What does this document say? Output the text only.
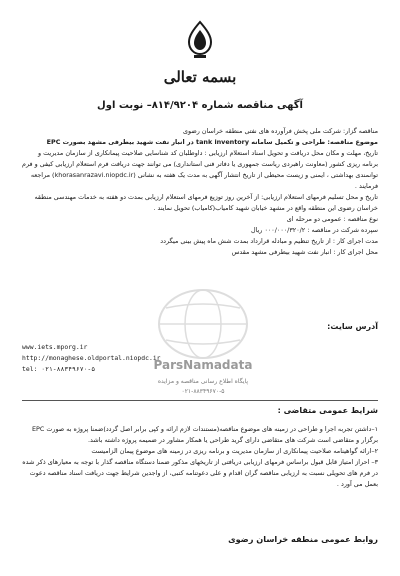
بسمه تعالی
آگهی مناقصه شماره ۸۱۴/۹۲۰۴– نوبت اول
مناقصه گزار: شرکت ملی پخش فرآورده های نفتی منطقه خراسان رضوی
موضوع مناقصه: طراحی و تکمیل سامانه tank inventory در انبار نفت شهید بیطرفی مشهد بصورت EPC
تاریخ، مهلت و مکان محل دریافت و تحویل اسناد استعلام ارزیابی : داوطلبان کد شناسایی صلاحیت پیمانکاری از سازمان مدیریت و برنامه ریزی کشور (معاونت راهبردی ریاست جمهوری یا دفاتر فنی استانداری) می توانند جهت دریافت فرم استعلام ارزیابی کیفی و فرم توانمندی بهداشتی ، ایمنی و زیست محیطی از تاریخ انتشار آگهی به مدت یک هفته به نشانی (khorasanrazavi.niopdc.ir) مراجعه فرمایند .
تاریخ و محل تسلیم فرمهای استعلام ارزیابی: از آخرین روز توزیع فرمهای استعلام ارزیابی بمدت دو هفته به خدمات مهندسی منطقه خراسان رضوی این منطقه واقع در مشهد خیابان شهید کامیاب(کامیاب) تحویل نمایند .
نوع مناقصه : عمومی دو مرحله ای
سپرده شرکت در مناقصه : ۰۰۰/۰۰۰/۳۲۰/۲ ریال
مدت اجرای کار : از تاریخ تنظیم و مبادله قرارداد بمدت شش ماه پیش بینی میگردد
محل اجرای کار : انبار نفت شهید بیطرفی مشهد مقدس
آدرس سایت:
www.iets.mporg.ir
http://monaghese.oldportal.niopdc.ir
tel: ۰۲۱-۸۸۳۴۹۶۷۰-۵	ParsNamadata
پایگاه اطلاع رسانی مناقصه و مزایده
۰۲۱-۸۸۳۴۹۶۷۰-۵
شرایط عمومی متقاضی :
۱–داشتن تجربه اجرا و طراحی در زمینه های موضوع مناقصه(مستندات لازم ارائه و کپی برابر اصل گردد)ضمنا پروژه به صورت EPC برگزار و متقاضی است شرکت های متقاضی دارای گرید طراحی یا همکار مشاور در ضمیمه پروژه داشته باشد.
۲–ارائه گواهینامه صلاحیت پیمانکاری از سازمان مدیریت و برنامه ریزی در زمینه های موضوع پیمان الزامیست
۳– احراز امتیاز قابل قبول براساس فرمهای ارزیابی دریافتی از تاریخهای مذکور ضمنا دستگاه مناقصه گذار با توجه به معیارهای ذکر شده در فرم های تحویلی نسبت به ارزیابی مناقصه گران اقدام و علی دعوتنامه کتبی، از واجدین شرایط جهت دریافت اسناد مناقصه دعوت بعمل می آورد .
روابط عمومی منطقه خراسان رضوی
